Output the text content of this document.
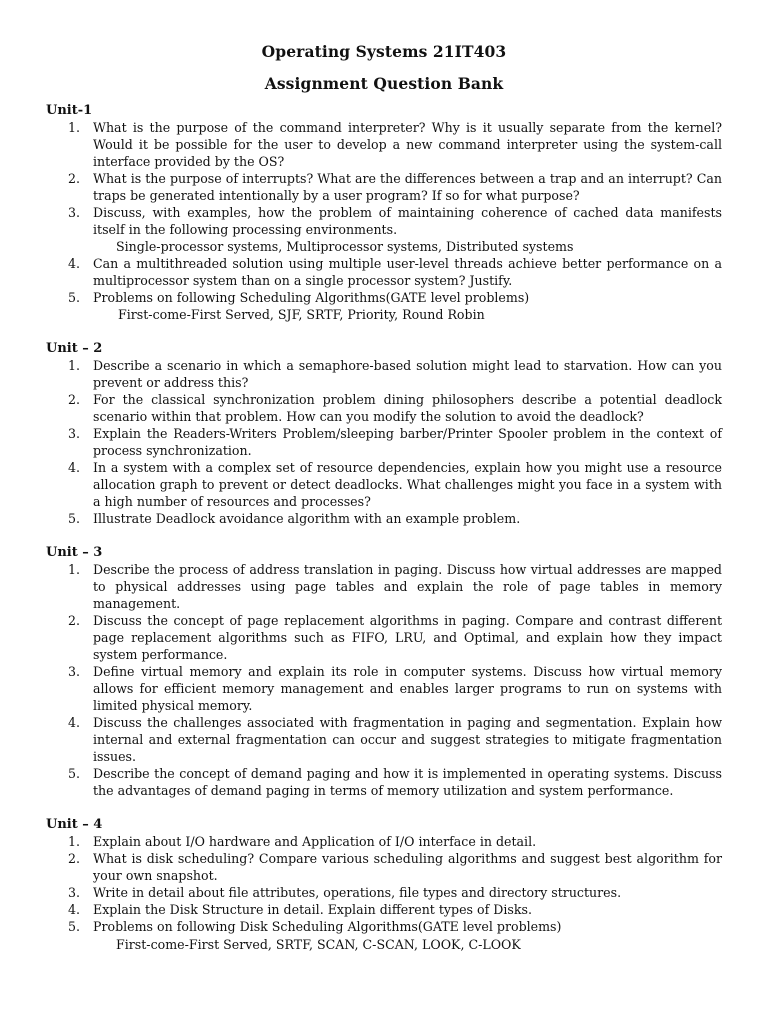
Operating Systems 21IT403
Assignment Question Bank
Unit-1
1. What is the purpose of the command interpreter? Why is it usually separate from the kernel? Would it be possible for the user to develop a new command interpreter using the system-call interface provided by the OS?
2. What is the purpose of interrupts? What are the differences between a trap and an interrupt? Can traps be generated intentionally by a user program? If so for what purpose?
3. Discuss, with examples, how the problem of maintaining coherence of cached data manifests itself in the following processing environments.
Single-processor systems, Multiprocessor systems, Distributed systems
4. Can a multithreaded solution using multiple user-level threads achieve better performance on a multiprocessor system than on a single processor system? Justify.
5. Problems on following Scheduling Algorithms(GATE level problems)
First-come-First Served, SJF, SRTF, Priority, Round Robin
Unit – 2
1. Describe a scenario in which a semaphore-based solution might lead to starvation. How can you prevent or address this?
2. For the classical synchronization problem dining philosophers describe a potential deadlock scenario within that problem. How can you modify the solution to avoid the deadlock?
3. Explain the Readers-Writers Problem/sleeping barber/Printer Spooler problem in the context of process synchronization.
4. In a system with a complex set of resource dependencies, explain how you might use a resource allocation graph to prevent or detect deadlocks. What challenges might you face in a system with a high number of resources and processes?
5. Illustrate Deadlock avoidance algorithm with an example problem.
Unit – 3
1. Describe the process of address translation in paging. Discuss how virtual addresses are mapped to physical addresses using page tables and explain the role of page tables in memory management.
2. Discuss the concept of page replacement algorithms in paging. Compare and contrast different page replacement algorithms such as FIFO, LRU, and Optimal, and explain how they impact system performance.
3. Define virtual memory and explain its role in computer systems. Discuss how virtual memory allows for efficient memory management and enables larger programs to run on systems with limited physical memory.
4. Discuss the challenges associated with fragmentation in paging and segmentation. Explain how internal and external fragmentation can occur and suggest strategies to mitigate fragmentation issues.
5. Describe the concept of demand paging and how it is implemented in operating systems. Discuss the advantages of demand paging in terms of memory utilization and system performance.
Unit – 4
1. Explain about I/O hardware and Application of I/O interface in detail.
2. What is disk scheduling? Compare various scheduling algorithms and suggest best algorithm for your own snapshot.
3. Write in detail about file attributes, operations, file types and directory structures.
4. Explain the Disk Structure in detail. Explain different types of Disks.
5. Problems on following Disk Scheduling Algorithms(GATE level problems)
First-come-First Served, SRTF, SCAN, C-SCAN, LOOK, C-LOOK
